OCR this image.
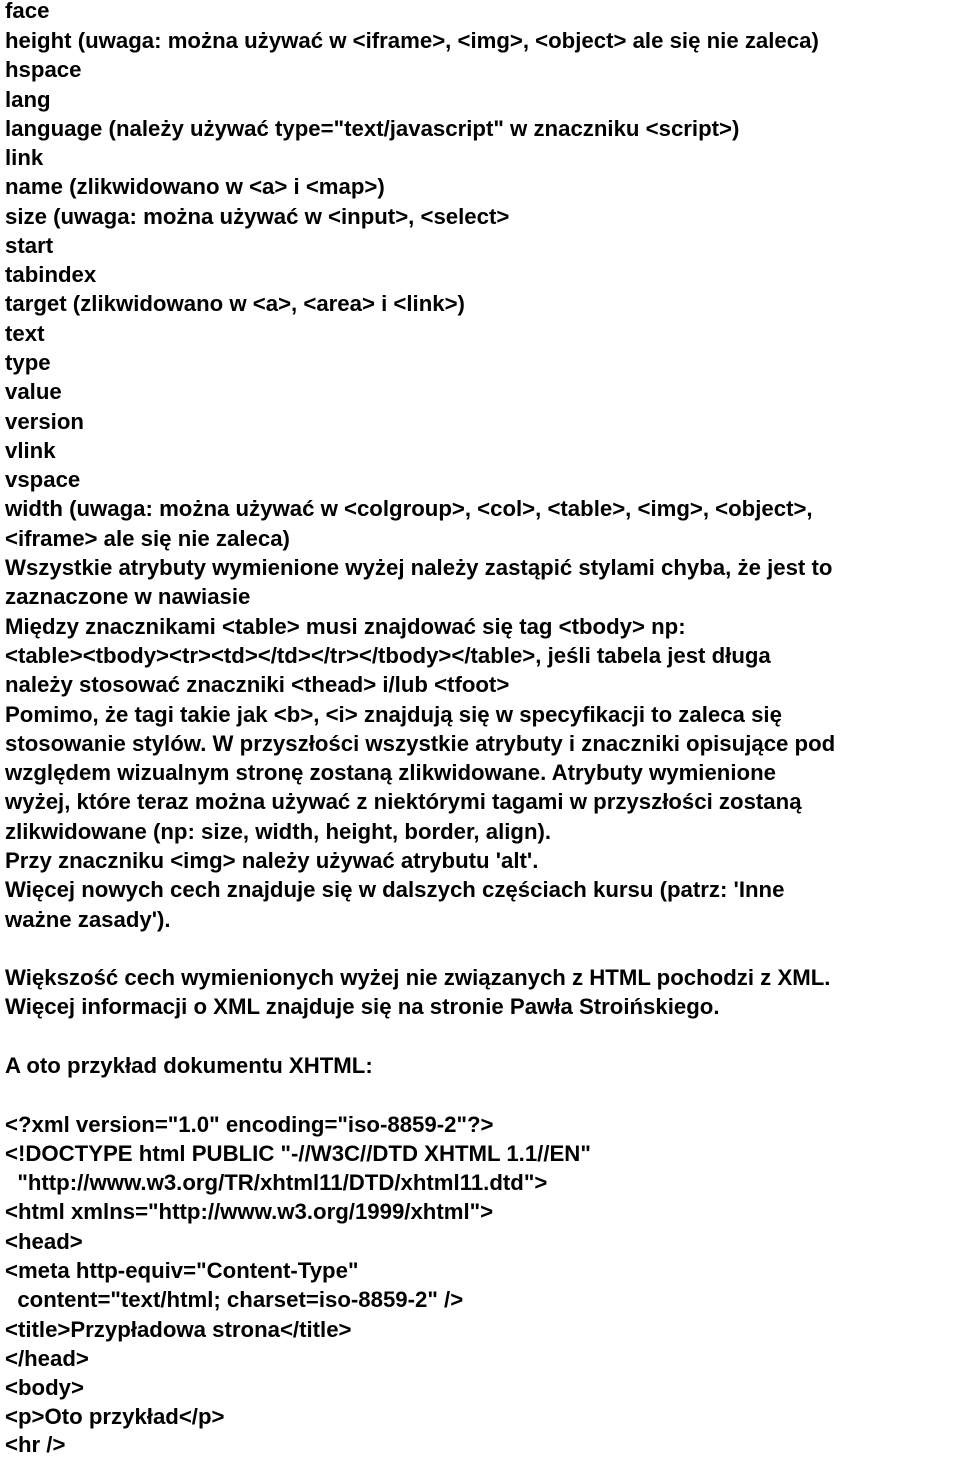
face
height (uwaga: można używać w <iframe>, <img>, <object> ale się nie zaleca)
hspace
lang
language (należy używać type="text/javascript" w znaczniku <script>)
link
name (zlikwidowano w <a> i <map>)
size (uwaga: można używać w <input>, <select>
start
tabindex
target (zlikwidowano w <a>, <area> i <link>)
text
type
value
version
vlink
vspace
width (uwaga: można używać w <colgroup>, <col>, <table>, <img>, <object>,
<iframe> ale się nie zaleca)
Wszystkie atrybuty wymienione wyżej należy zastąpić stylami chyba, że jest to
zaznaczone w nawiasie
Między znacznikami <table> musi znajdować się tag <tbody> np:
<table><tbody><tr><td></td></tr></tbody></table>, jeśli tabela jest długa
należy stosować znaczniki <thead> i/lub <tfoot>
Pomimo, że tagi takie jak <b>, <i> znajdują się w specyfikacji to zaleca się
stosowanie stylów. W przyszłości wszystkie atrybuty i znaczniki opisujące pod
względem wizualnym stronę zostaną zlikwidowane. Atrybuty wymienione
wyżej, które teraz można używać z niektórymi tagami w przyszłości zostaną
zlikwidowane (np: size, width, height, border, align).
Przy znaczniku <img> należy używać atrybutu 'alt'.
Więcej nowych cech znajduje się w dalszych częściach kursu (patrz: 'Inne
ważne zasady').
Większość cech wymienionych wyżej nie związanych z HTML pochodzi z XML.
Więcej informacji o XML znajduje się na stronie Pawła Stroińskiego.
A oto przykład dokumentu XHTML:
<?xml version="1.0" encoding="iso-8859-2"?>
<!DOCTYPE html PUBLIC "-//W3C//DTD XHTML 1.1//EN"
"http://www.w3.org/TR/xhtml11/DTD/xhtml11.dtd">
<html xmlns="http://www.w3.org/1999/xhtml">
<head>
<meta http-equiv="Content-Type"
content="text/html; charset=iso-8859-2" />
<title>Przypładowa strona</title>
</head>
<body>
<p>Oto przykład</p>
<hr />
